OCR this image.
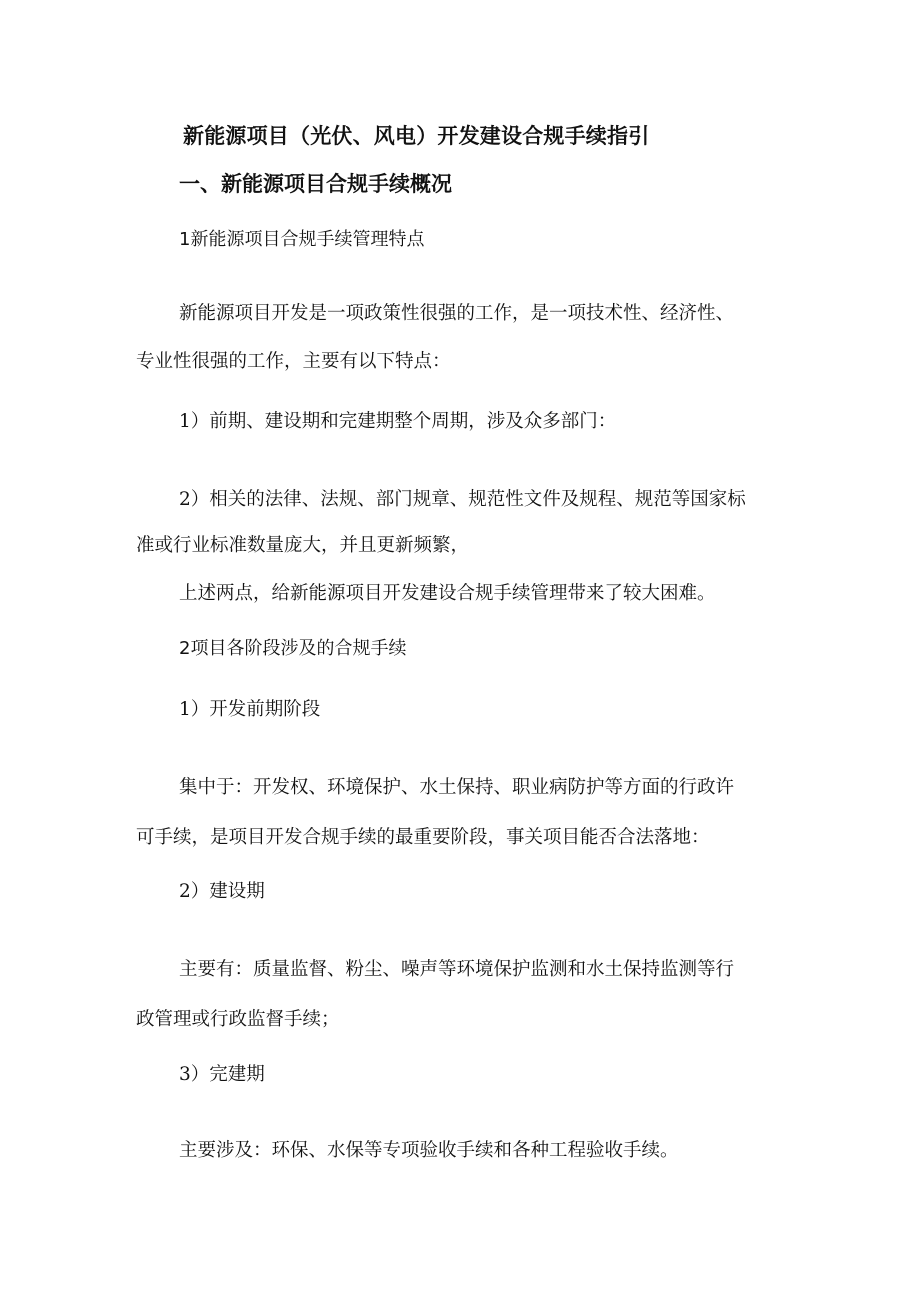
新能源项目（光伏、风电）开发建设合规手续指引
一、新能源项目合规手续概况
1新能源项目合规手续管理特点
新能源项目开发是一项政策性很强的工作，是一项技术性、经济性、
专业性很强的工作，主要有以下特点：
1）前期、建设期和完建期整个周期，涉及众多部门：
2）相关的法律、法规、部门规章、规范性文件及规程、规范等国家标
准或行业标准数量庞大，并且更新频繁，
上述两点，给新能源项目开发建设合规手续管理带来了较大困难。
2项目各阶段涉及的合规手续
1）开发前期阶段
集中于：开发权、环境保护、水土保持、职业病防护等方面的行政许
可手续，是项目开发合规手续的最重要阶段，事关项目能否合法落地：
2）建设期
主要有：质量监督、粉尘、噪声等环境保护监测和水土保持监测等行
政管理或行政监督手续；
3）完建期
主要涉及：环保、水保等专项验收手续和各种工程验收手续。
